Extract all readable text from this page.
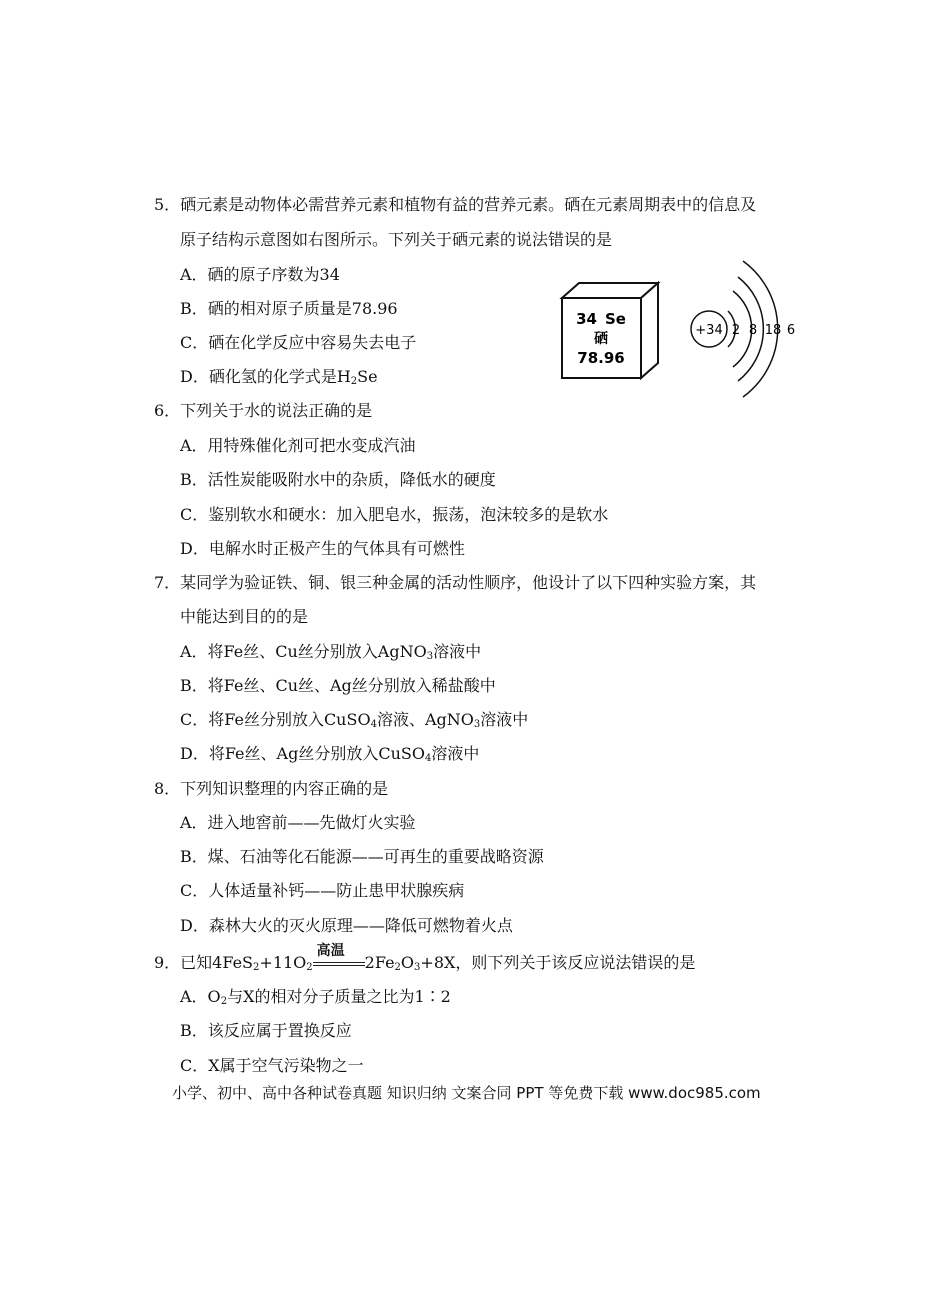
5．硒元素是动物体必需营养元素和植物有益的营养元素。硒在元素周期表中的信息及
原子结构示意图如右图所示。下列关于硒元素的说法错误的是
A．硒的原子序数为34
B．硒的相对原子质量是78.96
C．硒在化学反应中容易失去电子
D．硒化氢的化学式是$H_2Se$
34 Se
硒
78.96
+34 2 8 18 6
6．下列关于水的说法正确的是
A．用特殊催化剂可把水变成汽油
B．活性炭能吸附水中的杂质，降低水的硬度
C．鉴别软水和硬水：加入肥皂水，振荡，泡沫较多的是软水
D．电解水时正极产生的气体具有可燃性
7．某同学为验证铁、铜、银三种金属的活动性顺序，他设计了以下四种实验方案，其
中能达到目的的是
A．将Fe丝、Cu丝分别放入AgNO$_3$溶液中
B．将Fe丝、Cu丝、Ag丝分别放入稀盐酸中
C．将Fe丝分别放入CuSO$_4$溶液、AgNO$_3$溶液中
D．将Fe丝、Ag丝分别放入CuSO$_4$溶液中
8．下列知识整理的内容正确的是
A．进入地窖前——先做灯火实验
B．煤、石油等化石能源——可再生的重要战略资源
C．人体适量补钙——防止患甲状腺疾病
D．森林大火的灭火原理——降低可燃物着火点
9．已知$4FeS_2+11O_2$
高温
$2Fe_2O_3+8X$，则下列关于该反应说法错误的是
A．$O_2$与X的相对分子质量之比为1∶2
B．该反应属于置换反应
C．X属于空气污染物之一
小学、初中、高中各种试卷真题 知识归纳 文案合同 PPT 等免费下载 www.doc985.com
